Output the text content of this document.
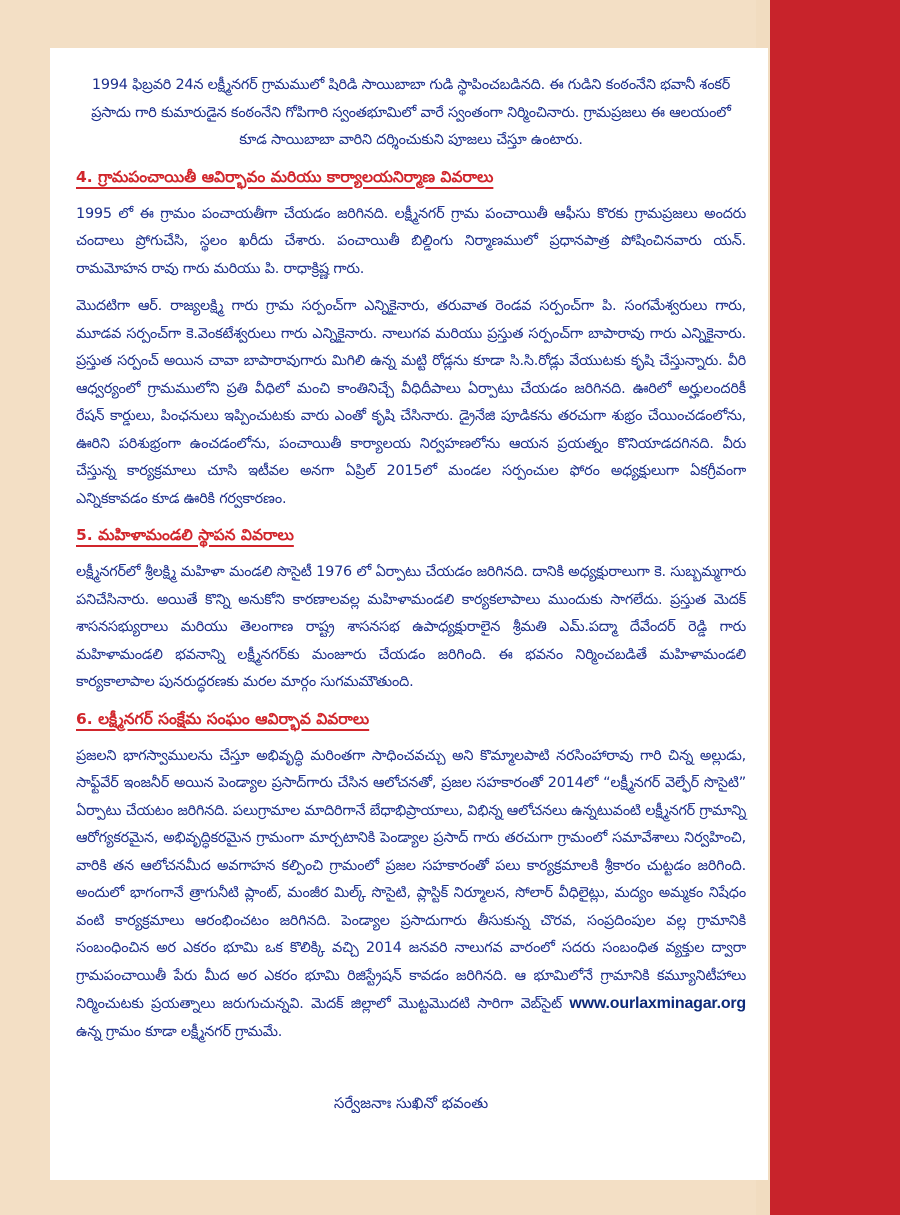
1994 ఫిబ్రవరి 24న లక్ష్మీనగర్ గ్రామములో షిరిడి సాయిబాబా గుడి స్థాపించబడినది. ఈ గుడిని కంఠంనేని భవానీ శంకర్ ప్రసాదు గారి కుమారుడైన కంఠంనేని గోపిగారి స్వంతభూమిలో వారే స్వంతంగా నిర్మించినారు. గ్రామప్రజలు ఈ ఆలయంలో కూడ సాయిబాబా వారిని దర్శించుకుని పూజలు చేస్తూ ఉంటారు.

4. గ్రామపంచాయితీ ఆవిర్భావం మరియు కార్యాలయనిర్మాణ వివరాలు

1995 లో ఈ గ్రామం పంచాయతీగా చేయడం జరిగినది. లక్ష్మీనగర్ గ్రామ పంచాయితీ ఆఫీసు కొరకు గ్రామప్రజలు అందరు చందాలు ప్రోగుచేసి, స్థలం ఖరీదు చేశారు. పంచాయితీ బిల్డింగు నిర్మాణములో ప్రధానపాత్ర పోషించినవారు యన్. రామమోహన రావు గారు మరియు పి. రాధాక్రిష్ణ గారు.

మొదటిగా ఆర్. రాజ్యలక్ష్మి గారు గ్రామ సర్పంచ్‌గా ఎన్నికైనారు, తరువాత రెండవ సర్పంచ్‌గా పి. సంగమేశ్వరులు గారు, మూడవ సర్పంచ్‌గా కె.వెంకటేశ్వరులు గారు ఎన్నికైనారు. నాలుగవ మరియు ప్రస్తుత సర్పంచ్‌గా బాపారావు గారు ఎన్నికైనారు. ప్రస్తుత సర్పంచ్ అయిన చావా బాపారావుగారు మిగిలి ఉన్న మట్టి రోడ్లను కూడా సి.సి.రోడ్లు వేయుటకు కృషి చేస్తున్నారు. వీరి ఆధ్వర్యంలో గ్రామములోని ప్రతి వీధిలో మంచి కాంతినిచ్చే వీధిదీపాలు ఏర్పాటు చేయడం జరిగినది. ఊరిలో అర్హులందరికీ రేషన్ కార్డులు, పింఛనులు ఇప్పించుటకు వారు ఎంతో కృషి చేసినారు. డ్రైనేజి పూడికను తరచుగా శుభ్రం చేయించడంలోను, ఊరిని పరిశుభ్రంగా ఉంచడంలోను, పంచాయితీ కార్యాలయ నిర్వహణలోను ఆయన ప్రయత్నం కొనియాడదగినది. వీరు చేస్తున్న కార్యక్రమాలు చూసి ఇటీవల అనగా ఏప్రిల్ 2015లో మండల సర్పంచుల ఫోరం అధ్యక్షులుగా ఏకగ్రీవంగా ఎన్నికకావడం కూడ ఊరికి గర్వకారణం.

5. మహిళామండలి స్థాపన వివరాలు

లక్ష్మీనగర్‌లో శ్రీలక్ష్మి మహిళా మండలి సొసైటీ 1976 లో ఏర్పాటు చేయడం జరిగినది. దానికి అధ్యక్షురాలుగా కె. సుబ్బమ్మగారు పనిచేసినారు. అయితే కొన్ని అనుకోని కారణాలవల్ల మహిళామండలి కార్యకలాపాలు ముందుకు సాగలేదు. ప్రస్తుత మెదక్ శాసనసభ్యురాలు మరియు తెలంగాణ రాష్ట్ర శాసనసభ ఉపాధ్యక్షురాలైన శ్రీమతి ఎమ్.పద్మా దేవేందర్ రెడ్డి గారు మహిళామండలి భవనాన్ని లక్ష్మీనగర్‌కు మంజూరు చేయడం జరిగింది. ఈ భవనం నిర్మించబడితే మహిళామండలి కార్యకాలాపాల పునరుద్ధరణకు మరల మార్గం సుగమమౌతుంది.

6. లక్ష్మీనగర్ సంక్షేమ సంఘం ఆవిర్భావ వివరాలు

ప్రజలని భాగస్వాములను చేస్తూ అభివృద్ధి మరింతగా సాధించవచ్చు అని కొమ్మాలపాటి నరసింహారావు గారి చిన్న అల్లుడు, సాఫ్ట్‌వేర్ ఇంజనీర్ అయిన పెండ్యాల ప్రసాద్‌గారు చేసిన ఆలోచనతో, ప్రజల సహకారంతో 2014లో “లక్ష్మీనగర్ వెల్ఫేర్ సొసైటి” ఏర్పాటు చేయటం జరిగినది. పలుగ్రామాల మాదిరిగానే బేధాభిప్రాయాలు, విభిన్న ఆలోచనలు ఉన్నటువంటి లక్ష్మీనగర్ గ్రామాన్ని ఆరోగ్యకరమైన, అభివృద్ధికరమైన గ్రామంగా మార్చటానికి పెండ్యాల ప్రసాద్ గారు తరచుగా గ్రామంలో సమావేశాలు నిర్వహించి, వారికి తన ఆలోచనమీద అవగాహన కల్పించి గ్రామంలో ప్రజల సహకారంతో పలు కార్యక్రమాలకి శ్రీకారం చుట్టడం జరిగింది. అందులో భాగంగానే త్రాగునీటి ప్లాంట్, మంజీర మిల్క్ సొసైటి, ప్లాస్టిక్ నిర్మూలన, సోలార్ వీధిలైట్లు, మద్యం అమ్మకం నిషేధం వంటి కార్యక్రమాలు ఆరంభించటం జరిగినది. పెండ్యాల ప్రసాదుగారు తీసుకున్న చొరవ, సంప్రదింపుల వల్ల గ్రామానికి సంబంధించిన అర ఎకరం భూమి ఒక కొలిక్కి వచ్చి 2014 జనవరి నాలుగవ వారంలో సదరు సంబంధిత వ్యక్తుల ద్వారా గ్రామపంచాయితీ పేరు మీద అర ఎకరం భూమి రిజిస్ట్రేషన్ కావడం జరిగినది. ఆ భూమిలోనే గ్రామానికి కమ్యూనిటీహాలు నిర్మించుటకు ప్రయత్నాలు జరుగుచున్నవి. మెదక్ జిల్లాలో మొట్టమొదటి సారిగా వెబ్‌సైట్ www.ourlaxminagar.org ఉన్న గ్రామం కూడా లక్ష్మీనగర్ గ్రామమే.

సర్వేజనాః సుఖినో భవంతు
